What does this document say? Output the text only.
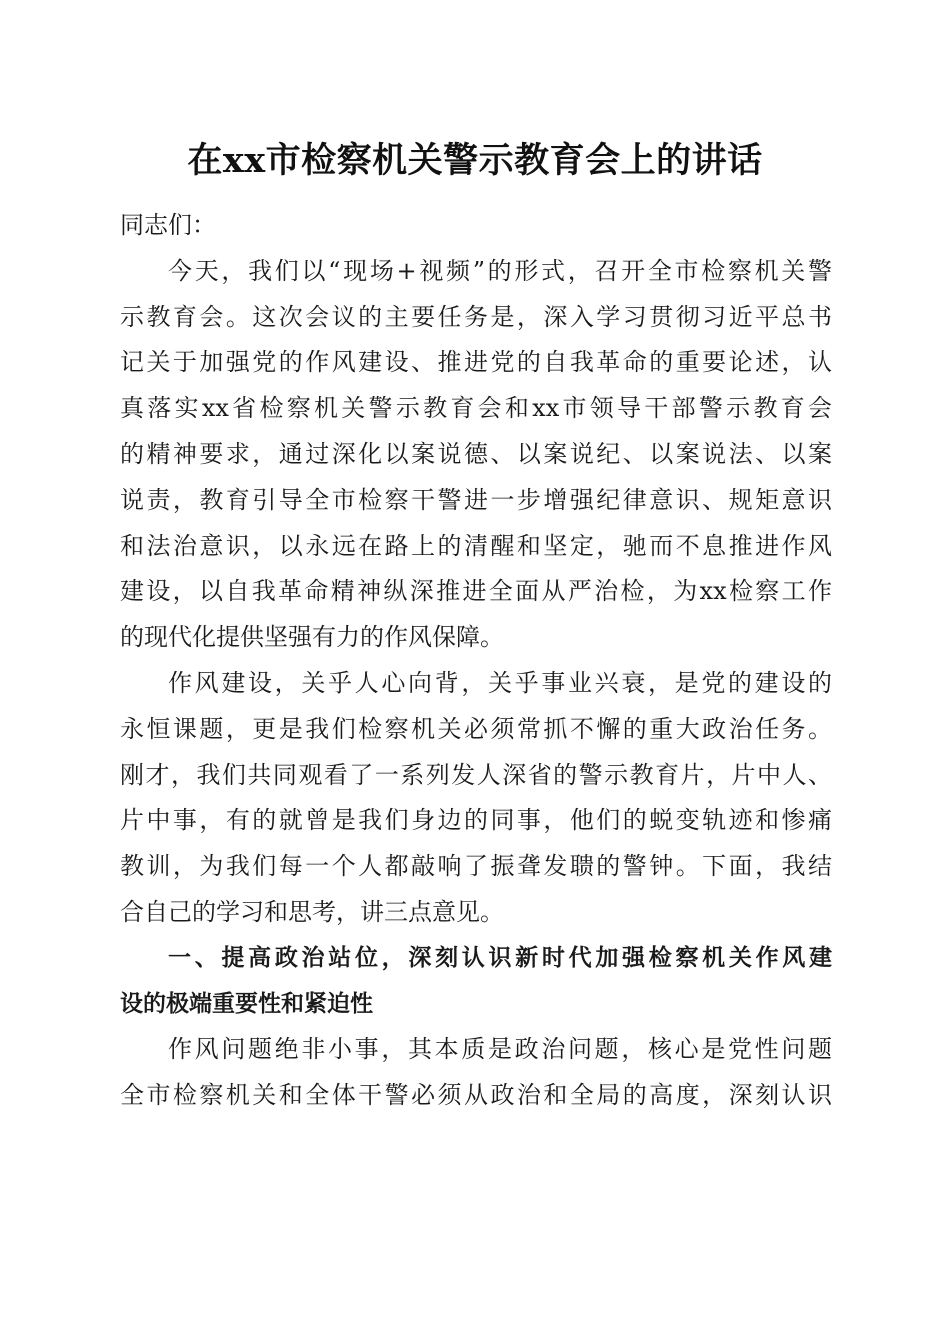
在xx市检察机关警示教育会上的讲话
同志们：
今天，我们以“现场+视频”的形式，召开全市检察机关警
示教育会。这次会议的主要任务是，深入学习贯彻习近平总书
记关于加强党的作风建设、推进党的自我革命的重要论述，认
真落实xx省检察机关警示教育会和xx市领导干部警示教育会
的精神要求，通过深化以案说德、以案说纪、以案说法、以案
说责，教育引导全市检察干警进一步增强纪律意识、规矩意识
和法治意识，以永远在路上的清醒和坚定，驰而不息推进作风
建设，以自我革命精神纵深推进全面从严治检，为xx检察工作
的现代化提供坚强有力的作风保障。
作风建设，关乎人心向背，关乎事业兴衰，是党的建设的
永恒课题，更是我们检察机关必须常抓不懈的重大政治任务。
刚才，我们共同观看了一系列发人深省的警示教育片，片中人、
片中事，有的就曾是我们身边的同事，他们的蜕变轨迹和惨痛
教训，为我们每一个人都敲响了振聋发聩的警钟。下面，我结
合自己的学习和思考，讲三点意见。
一、提高政治站位，深刻认识新时代加强检察机关作风建
设的极端重要性和紧迫性
作风问题绝非小事，其本质是政治问题，核心是党性问题
全市检察机关和全体干警必须从政治和全局的高度，深刻认识
